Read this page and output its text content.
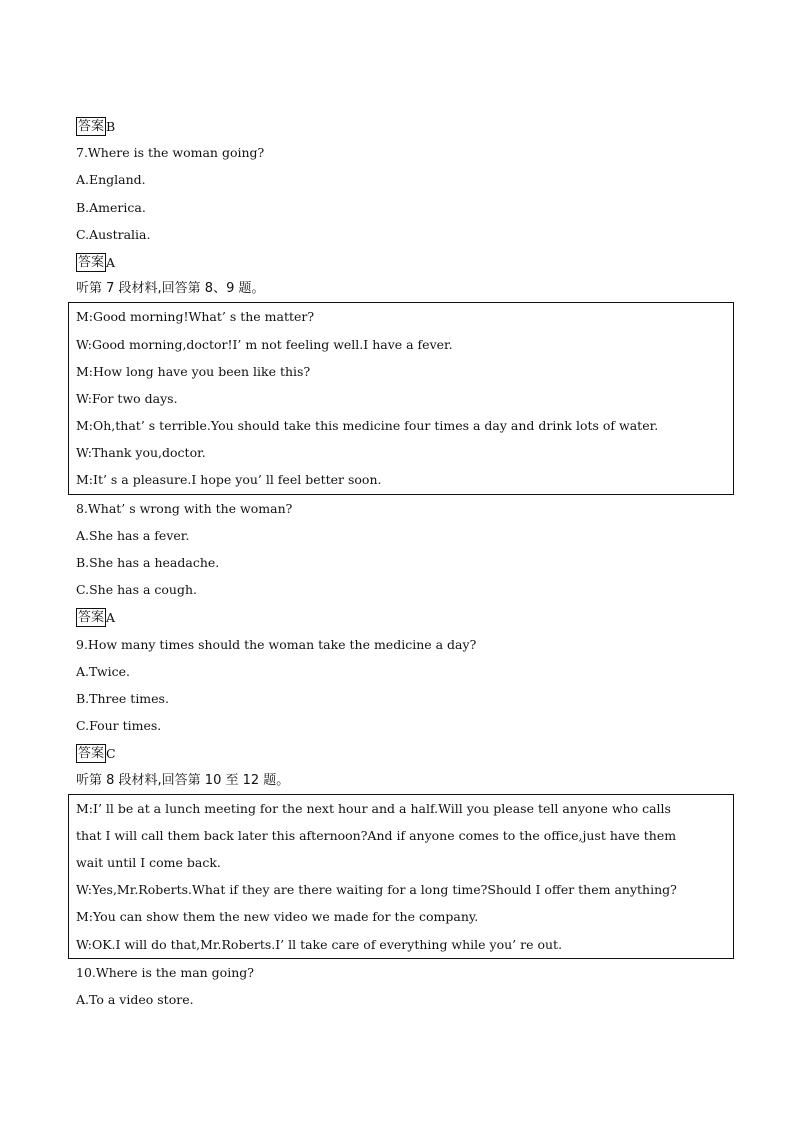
答案 B
7.Where is the woman going?
A.England.
B.America.
C.Australia.
答案 A
听第 7 段材料,回答第 8、9 题。
M:Good morning!What’ s the matter?
W:Good morning,doctor!I’ m not feeling well.I have a fever.
M:How long have you been like this?
W:For two days.
M:Oh,that’ s terrible.You should take this medicine four times a day and drink lots of water.
W:Thank you,doctor.
M:It’ s a pleasure.I hope you’ ll feel better soon.
8.What’ s wrong with the woman?
A.She has a fever.
B.She has a headache.
C.She has a cough.
答案 A
9.How many times should the woman take the medicine a day?
A.Twice.
B.Three times.
C.Four times.
答案 C
听第 8 段材料,回答第 10 至 12 题。
M:I’ ll be at a lunch meeting for the next hour and a half.Will you please tell anyone who calls
that I will call them back later this afternoon?And if anyone comes to the office,just have them
wait until I come back.
W:Yes,Mr.Roberts.What if they are there waiting for a long time?Should I offer them anything?
M:You can show them the new video we made for the company.
W:OK.I will do that,Mr.Roberts.I’ ll take care of everything while you’ re out.
10.Where is the man going?
A.To a video store.
